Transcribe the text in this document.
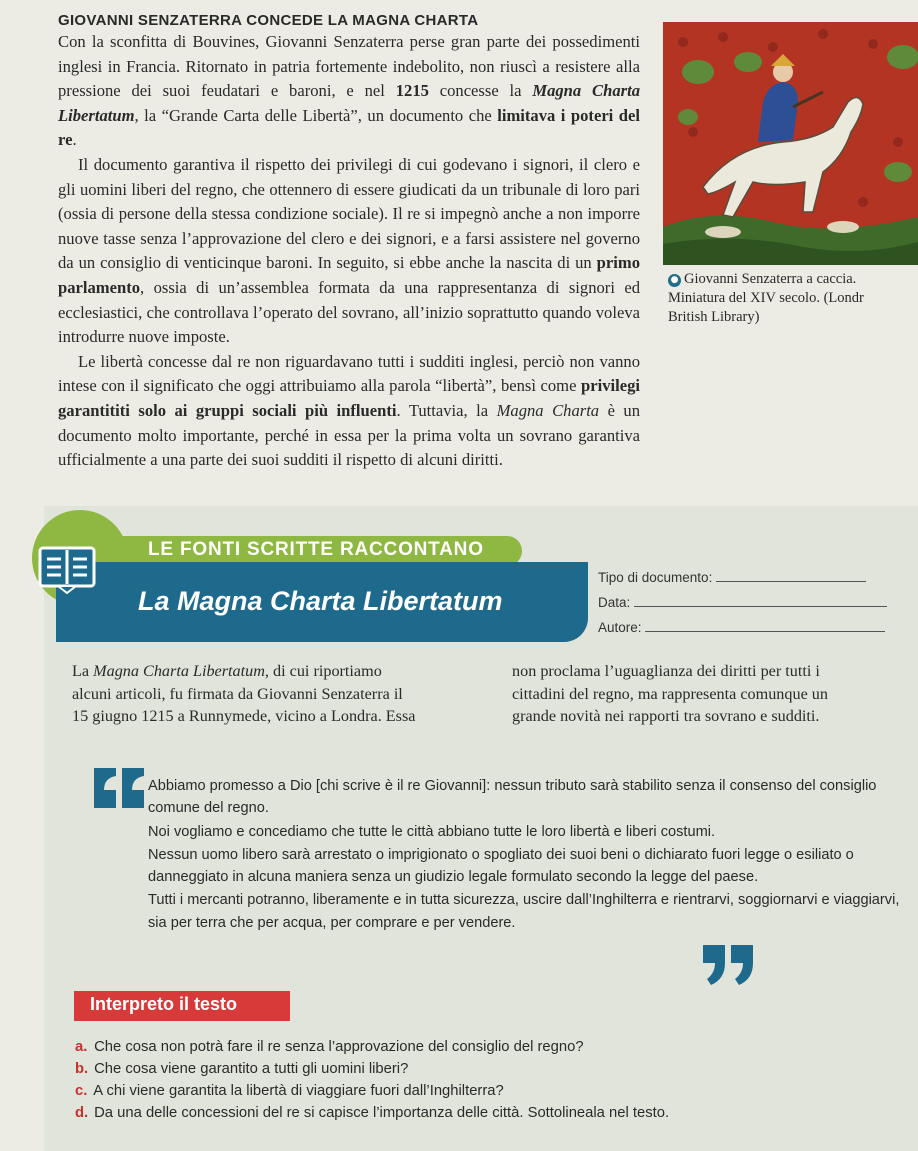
GIOVANNI SENZATERRA CONCEDE LA MAGNA CHARTA

Con la sconfitta di Bouvines, Giovanni Senzaterra perse gran parte dei possedimenti inglesi in Francia. Ritornato in patria fortemente indebolito, non riuscì a resistere alla pressione dei suoi feudatari e baroni, e nel 1215 concesse la Magna Charta Libertatum, la “Grande Carta delle Libertà”, un documento che limitava i poteri del re.

Il documento garantiva il rispetto dei privilegi di cui godevano i signori, il clero e gli uomini liberi del regno, che ottennero di essere giudicati da un tribunale di loro pari (ossia di persone della stessa condizione sociale). Il re si impegnò anche a non imporre nuove tasse senza l’approvazione del clero e dei signori, e a farsi assistere nel governo da un consiglio di venticinque baroni. In seguito, si ebbe anche la nascita di un primo parlamento, ossia di un’assemblea formata da una rappresentanza di signori ed ecclesiastici, che controllava l’operato del sovrano, all’inizio soprattutto quando voleva introdurre nuove imposte.

Le libertà concesse dal re non riguardavano tutti i sudditi inglesi, perciò non vanno intese con il significato che oggi attribuiamo alla parola “libertà”, bensì come privilegi garantititi solo ai gruppi sociali più influenti. Tuttavia, la Magna Charta è un documento molto importante, perché in essa per la prima volta un sovrano garantiva ufficialmente a una parte dei suoi sudditi il rispetto di alcuni diritti.

● Giovanni Senzaterra a caccia.
Miniatura del XIV secolo. (Londr
British Library)
LE FONTI SCRITTE RACCONTANO
La Magna Charta Libertatum
Tipo di documento:
Data:
Autore:
La Magna Charta Libertatum, di cui riportiamo
alcuni articoli, fu firmata da Giovanni Senzaterra il
15 giugno 1215 a Runnymede, vicino a Londra. Essa
non proclama l’uguaglianza dei diritti per tutti i
cittadini del regno, ma rappresenta comunque un
grande novità nei rapporti tra sovrano e sudditi.

Abbiamo promesso a Dio [chi scrive è il re Giovanni]: nessun tributo sarà stabilito senza il consenso del consiglio comune del regno.

Noi vogliamo e concediamo che tutte le città abbiano tutte le loro libertà e liberi costumi.

Nessun uomo libero sarà arrestato o imprigionato o spogliato dei suoi beni o dichiarato fuori legge o esiliato o danneggiato in alcuna maniera senza un giudizio legale formulato secondo la legge del paese.

Tutti i mercanti potranno, liberamente e in tutta sicurezza, uscire dall’Inghilterra e rientrarvi, soggiornarvi e viaggiarvi, sia per terra che per acqua, per comprare e per vendere.

Interpreto il testo
a. Che cosa non potrà fare il re senza l’approvazione del consiglio del regno?
b. Che cosa viene garantito a tutti gli uomini liberi?
c. A chi viene garantita la libertà di viaggiare fuori dall’Inghilterra?
d. Da una delle concessioni del re si capisce l’importanza delle città. Sottolineala nel testo.
